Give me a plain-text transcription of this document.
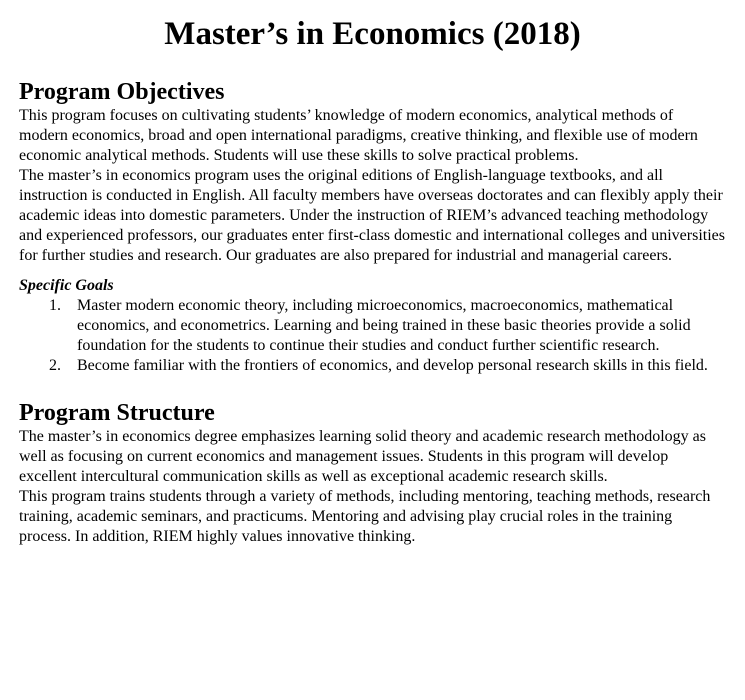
Master’s in Economics (2018)
Program Objectives

This program focuses on cultivating students’ knowledge of modern economics, analytical methods of modern economics, broad and open international paradigms, creative thinking, and flexible use of modern economic analytical methods. Students will use these skills to solve practical problems.

The master’s in economics program uses the original editions of English-language textbooks, and all instruction is conducted in English. All faculty members have overseas doctorates and can flexibly apply their academic ideas into domestic parameters. Under the instruction of RIEM’s advanced teaching methodology and experienced professors, our graduates enter first-class domestic and international colleges and universities for further studies and research. Our graduates are also prepared for industrial and managerial careers.

Specific Goals
1. Master modern economic theory, including microeconomics, macroeconomics, mathematical economics, and econometrics. Learning and being trained in these basic theories provide a solid foundation for the students to continue their studies and conduct further scientific research.
2. Become familiar with the frontiers of economics, and develop personal research skills in this field.
Program Structure

The master’s in economics degree emphasizes learning solid theory and academic research methodology as well as focusing on current economics and management issues. Students in this program will develop excellent intercultural communication skills as well as exceptional academic research skills.

This program trains students through a variety of methods, including mentoring, teaching methods, research training, academic seminars, and practicums. Mentoring and advising play crucial roles in the training process. In addition, RIEM highly values innovative thinking.
